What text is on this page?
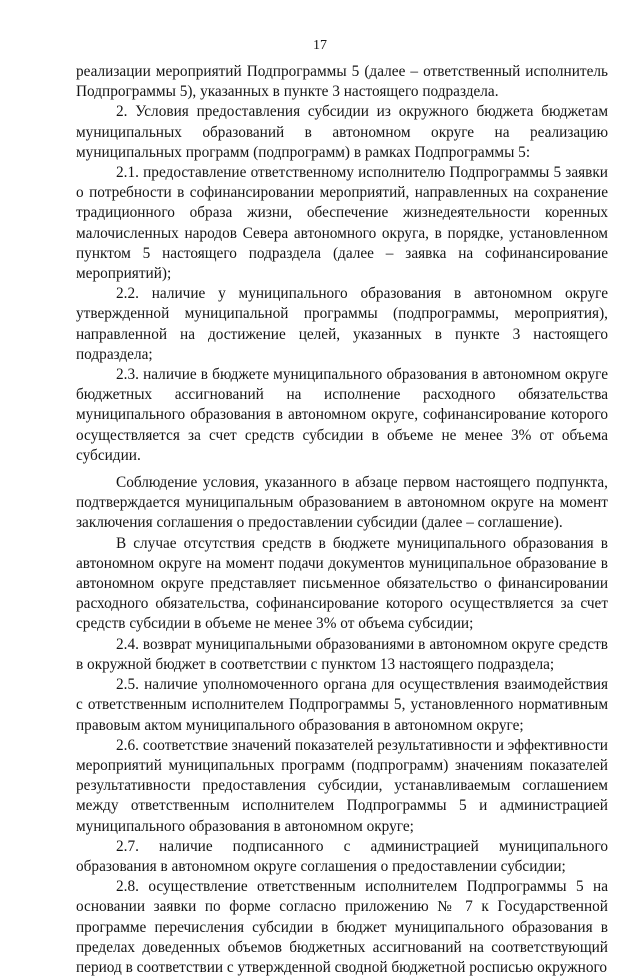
17

реализации мероприятий Подпрограммы 5 (далее – ответственный исполнитель Подпрограммы 5), указанных в пункте 3 настоящего подраздела.

2. Условия предоставления субсидии из окружного бюджета бюджетам муниципальных образований в автономном округе на реализацию муниципальных программ (подпрограмм) в рамках Подпрограммы 5:

2.1. предоставление ответственному исполнителю Подпрограммы 5 заявки о потребности в софинансировании мероприятий, направленных на сохранение традиционного образа жизни, обеспечение жизнедеятельности коренных малочисленных народов Севера автономного округа, в порядке, установленном пунктом 5 настоящего подраздела (далее – заявка на софинансирование мероприятий);

2.2. наличие у муниципального образования в автономном округе утвержденной муниципальной программы (подпрограммы, мероприятия), направленной на достижение целей, указанных в пункте 3 настоящего подраздела;

2.3. наличие в бюджете муниципального образования в автономном округе бюджетных ассигнований на исполнение расходного обязательства муниципального образования в автономном округе, софинансирование которого осуществляется за счет средств субсидии в объеме не менее 3% от объема субсидии.

Соблюдение условия, указанного в абзаце первом настоящего подпункта, подтверждается муниципальным образованием в автономном округе на момент заключения соглашения о предоставлении субсидии (далее – соглашение).

В случае отсутствия средств в бюджете муниципального образования в автономном округе на момент подачи документов муниципальное образование в автономном округе представляет письменное обязательство о финансировании расходного обязательства, софинансирование которого осуществляется за счет средств субсидии в объеме не менее 3% от объема субсидии;

2.4. возврат муниципальными образованиями в автономном округе средств в окружной бюджет в соответствии с пунктом 13 настоящего подраздела;

2.5. наличие уполномоченного органа для осуществления взаимодействия с ответственным исполнителем Подпрограммы 5, установленного нормативным правовым актом муниципального образования в автономном округе;

2.6. соответствие значений показателей результативности и эффективности мероприятий муниципальных программ (подпрограмм) значениям показателей результативности предоставления субсидии, устанавливаемым соглашением между ответственным исполнителем Подпрограммы 5 и администрацией муниципального образования в автономном округе;

2.7. наличие подписанного с администрацией муниципального образования в автономном округе соглашения о предоставлении субсидии;

2.8. осуществление ответственным исполнителем Подпрограммы 5 на основании заявки по форме согласно приложению № 7 к Государственной программе перечисления субсидии в бюджет муниципального образования в пределах доведенных объемов бюджетных ассигнований на соответствующий период в соответствии с утвержденной сводной бюджетной росписью окружного
